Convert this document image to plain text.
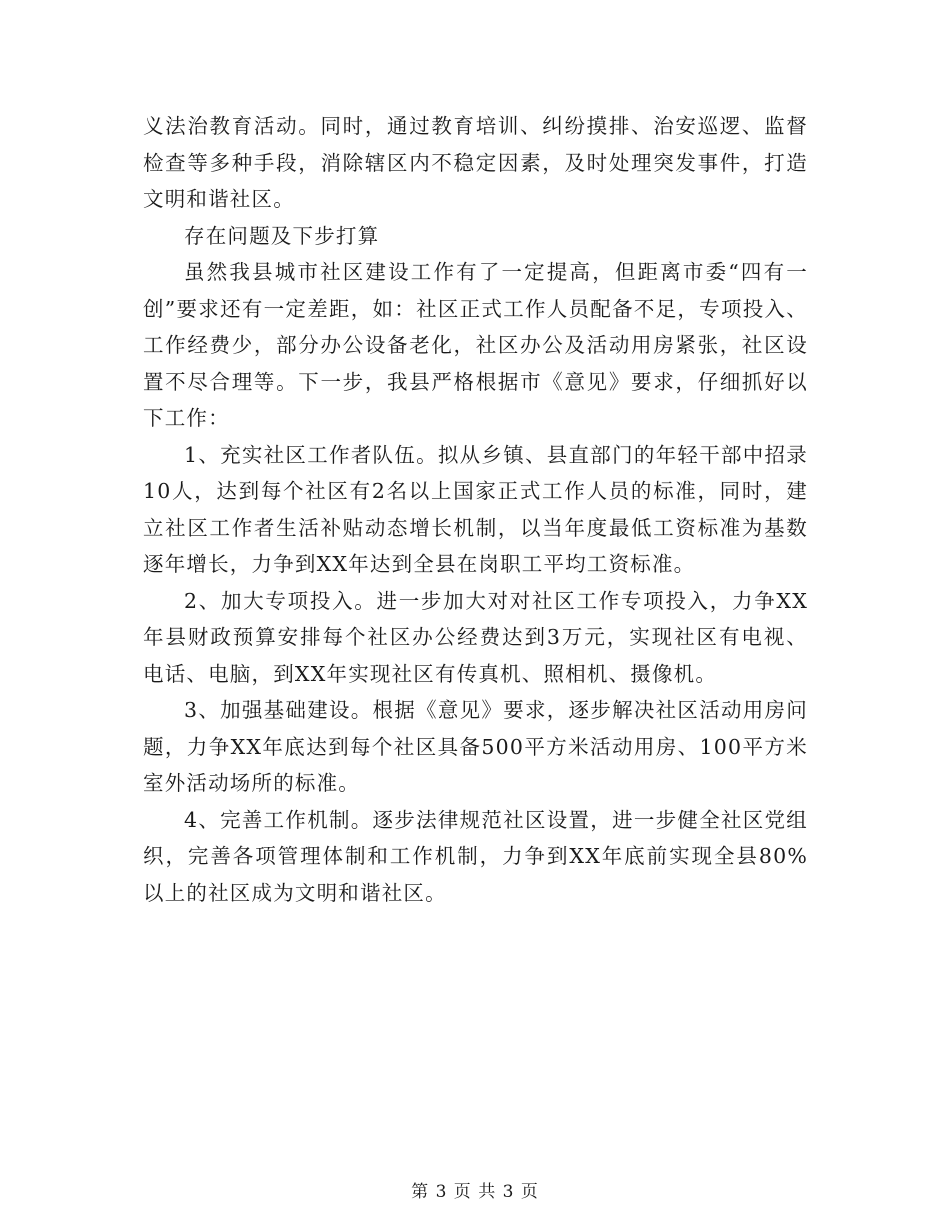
义法治教育活动。同时，通过教育培训、纠纷摸排、治安巡逻、监督检查等多种手段，消除辖区内不稳定因素，及时处理突发事件，打造文明和谐社区。

存在问题及下步打算

虽然我县城市社区建设工作有了一定提高，但距离市委“四有一创”要求还有一定差距，如：社区正式工作人员配备不足，专项投入、工作经费少，部分办公设备老化，社区办公及活动用房紧张，社区设置不尽合理等。下一步，我县严格根据市《意见》要求，仔细抓好以下工作：

1、充实社区工作者队伍。拟从乡镇、县直部门的年轻干部中招录10人，达到每个社区有2名以上国家正式工作人员的标准，同时，建立社区工作者生活补贴动态增长机制，以当年度最低工资标准为基数逐年增长，力争到XX年达到全县在岗职工平均工资标准。

2、加大专项投入。进一步加大对对社区工作专项投入，力争XX年县财政预算安排每个社区办公经费达到3万元，实现社区有电视、电话、电脑，到XX年实现社区有传真机、照相机、摄像机。

3、加强基础建设。根据《意见》要求，逐步解决社区活动用房问题，力争XX年底达到每个社区具备500平方米活动用房、100平方米室外活动场所的标准。

4、完善工作机制。逐步法律规范社区设置，进一步健全社区党组织，完善各项管理体制和工作机制，力争到XX年底前实现全县80%以上的社区成为文明和谐社区。

第 3 页 共 3 页
